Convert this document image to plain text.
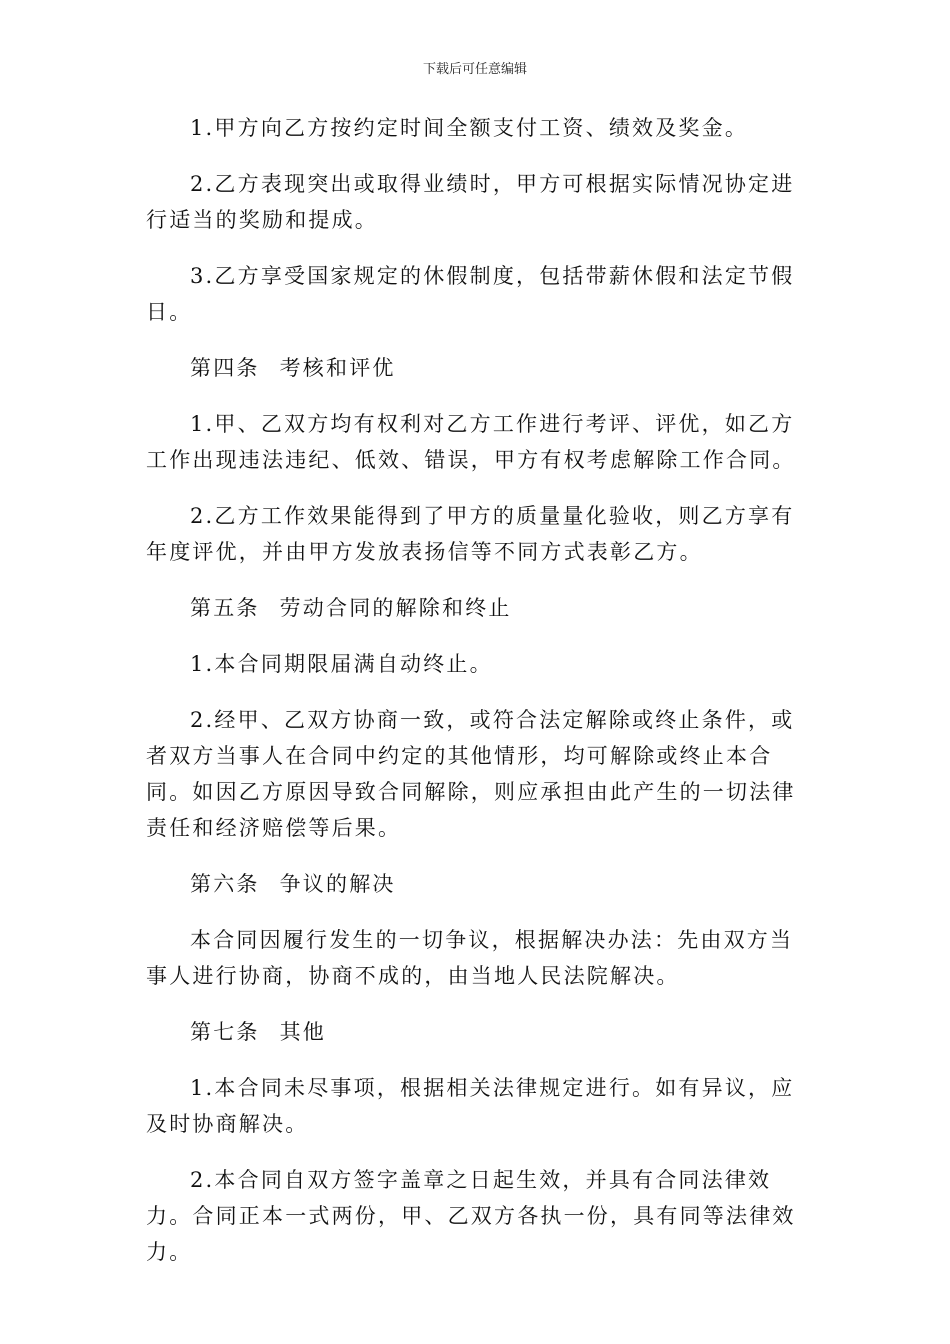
下载后可任意编辑

1.甲方向乙方按约定时间全额支付工资、绩效及奖金。

2.乙方表现突出或取得业绩时，甲方可根据实际情况协定进行适当的奖励和提成。

3.乙方享受国家规定的休假制度，包括带薪休假和法定节假日。

第四条 考核和评优

1.甲、乙双方均有权利对乙方工作进行考评、评优，如乙方工作出现违法违纪、低效、错误，甲方有权考虑解除工作合同。

2.乙方工作效果能得到了甲方的质量量化验收，则乙方享有年度评优，并由甲方发放表扬信等不同方式表彰乙方。

第五条 劳动合同的解除和终止

1.本合同期限届满自动终止。

2.经甲、乙双方协商一致，或符合法定解除或终止条件，或者双方当事人在合同中约定的其他情形，均可解除或终止本合同。如因乙方原因导致合同解除，则应承担由此产生的一切法律责任和经济赔偿等后果。

第六条 争议的解决

本合同因履行发生的一切争议，根据解决办法：先由双方当事人进行协商，协商不成的，由当地人民法院解决。

第七条 其他

1.本合同未尽事项，根据相关法律规定进行。如有异议，应及时协商解决。

2.本合同自双方签字盖章之日起生效，并具有合同法律效力。合同正本一式两份，甲、乙双方各执一份，具有同等法律效力。
